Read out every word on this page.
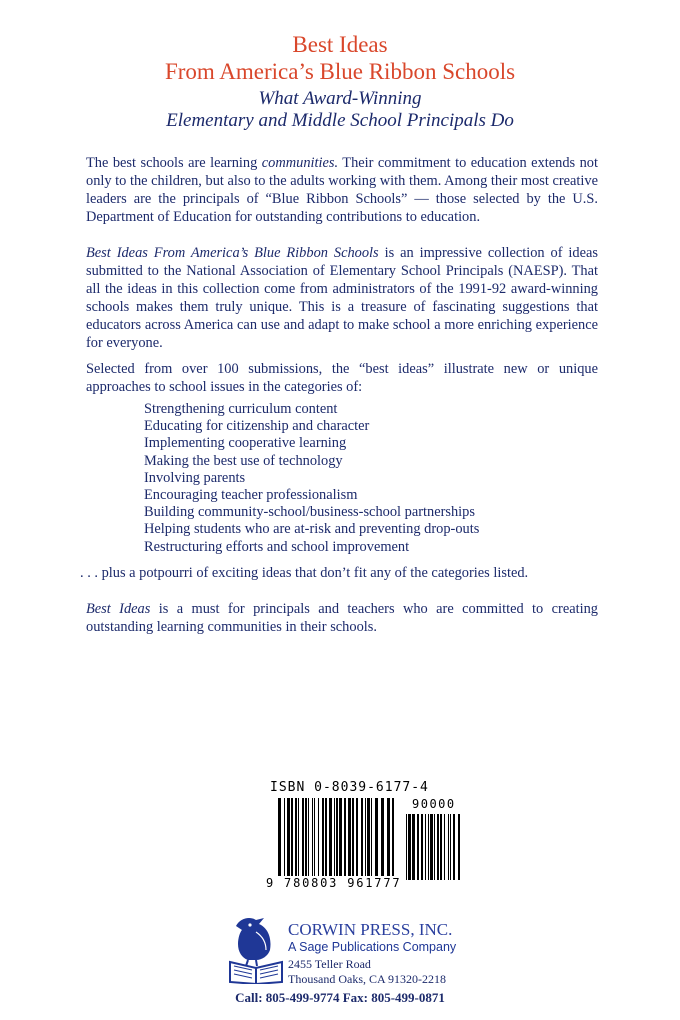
Best Ideas
From America’s Blue Ribbon Schools
What Award-Winning
Elementary and Middle School Principals Do

The best schools are learning communities. Their commitment to education extends not only to the children, but also to the adults working with them. Among their most creative leaders are the principals of “Blue Ribbon Schools” — those selected by the U.S. Department of Education for outstanding contributions to education.

Best Ideas From America’s Blue Ribbon Schools is an impressive collection of ideas submitted to the National Association of Elementary School Principals (NAESP). That all the ideas in this collection come from administrators of the 1991-92 award-winning schools makes them truly unique. This is a treasure of fascinating suggestions that educators across America can use and adapt to make school a more enriching experience for everyone.

Selected from over 100 submissions, the “best ideas” illustrate new or unique approaches to school issues in the categories of:

Strengthening curriculum content
Educating for citizenship and character
Implementing cooperative learning
Making the best use of technology
Involving parents
Encouraging teacher professionalism
Building community-school/business-school partnerships
Helping students who are at-risk and preventing drop-outs
Restructuring efforts and school improvement

. . . plus a potpourri of exciting ideas that don’t fit any of the categories listed.

Best Ideas is a must for principals and teachers who are committed to creating outstanding learning communities in their schools.

ISBN 0-8039-6177-4
90000
9 780803 961777
CORWIN PRESS, INC.
A Sage Publications Company
2455 Teller Road
Thousand Oaks, CA 91320-2218
Call: 805-499-9774 Fax: 805-499-0871
